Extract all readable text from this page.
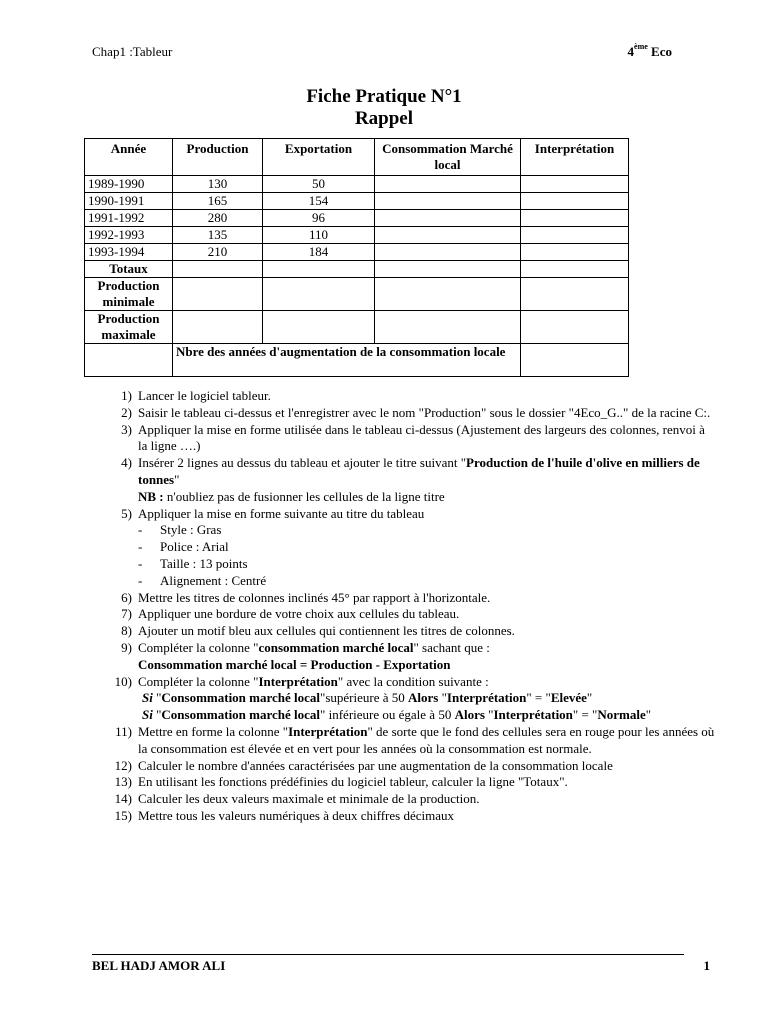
Chap1 :Tableur	4ème Eco
Fiche Pratique N°1
Rappel
Année	Production	Exportation	Consommation Marché local	Interprétation
1989-1990	130	50		
1990-1991	165	154		
1991-1992	280	96		
1992-1993	135	110		
1993-1994	210	184		
Totaux				
Production minimale				
Production maximale				
	Nbre des années d'augmentation de la consommation locale			
1) Lancer le logiciel tableur.
2) Saisir le tableau ci-dessus et l'enregistrer avec le nom "Production" sous le dossier "4Eco_G.." de la racine C:.
3) Appliquer la mise en forme utilisée dans le tableau ci-dessus (Ajustement des largeurs des colonnes, renvoi à la ligne ….)
4) Insérer 2 lignes au dessus du tableau et ajouter le titre suivant "Production de l'huile d'olive en milliers de tonnes"
NB : n'oubliez pas de fusionner les cellules de la ligne titre
5) Appliquer la mise en forme suivante au titre du tableau
- Style : Gras
- Police : Arial
- Taille : 13 points
- Alignement : Centré
6) Mettre les titres de colonnes inclinés 45° par rapport à l'horizontale.
7) Appliquer une bordure de votre choix aux cellules du tableau.
8) Ajouter un motif bleu aux cellules qui contiennent les titres de colonnes.
9) Compléter la colonne "consommation marché local" sachant que :
Consommation marché local = Production - Exportation
10) Compléter la colonne "Interprétation" avec la condition suivante :
Si "Consommation marché local"supérieure à 50 Alors "Interprétation" = "Elevée"
Si "Consommation marché local" inférieure ou égale à 50 Alors "Interprétation" = "Normale"
11) Mettre en forme la colonne "Interprétation" de sorte que le fond des cellules sera en rouge pour les années où la consommation est élevée et en vert pour les années où la consommation est normale.
12) Calculer le nombre d'années caractérisées par une augmentation de la consommation locale
13) En utilisant les fonctions prédéfinies du logiciel tableur, calculer la ligne "Totaux".
14) Calculer les deux valeurs maximale et minimale de la production.
15) Mettre tous les valeurs numériques à deux chiffres décimaux
BEL HADJ AMOR ALI	1
